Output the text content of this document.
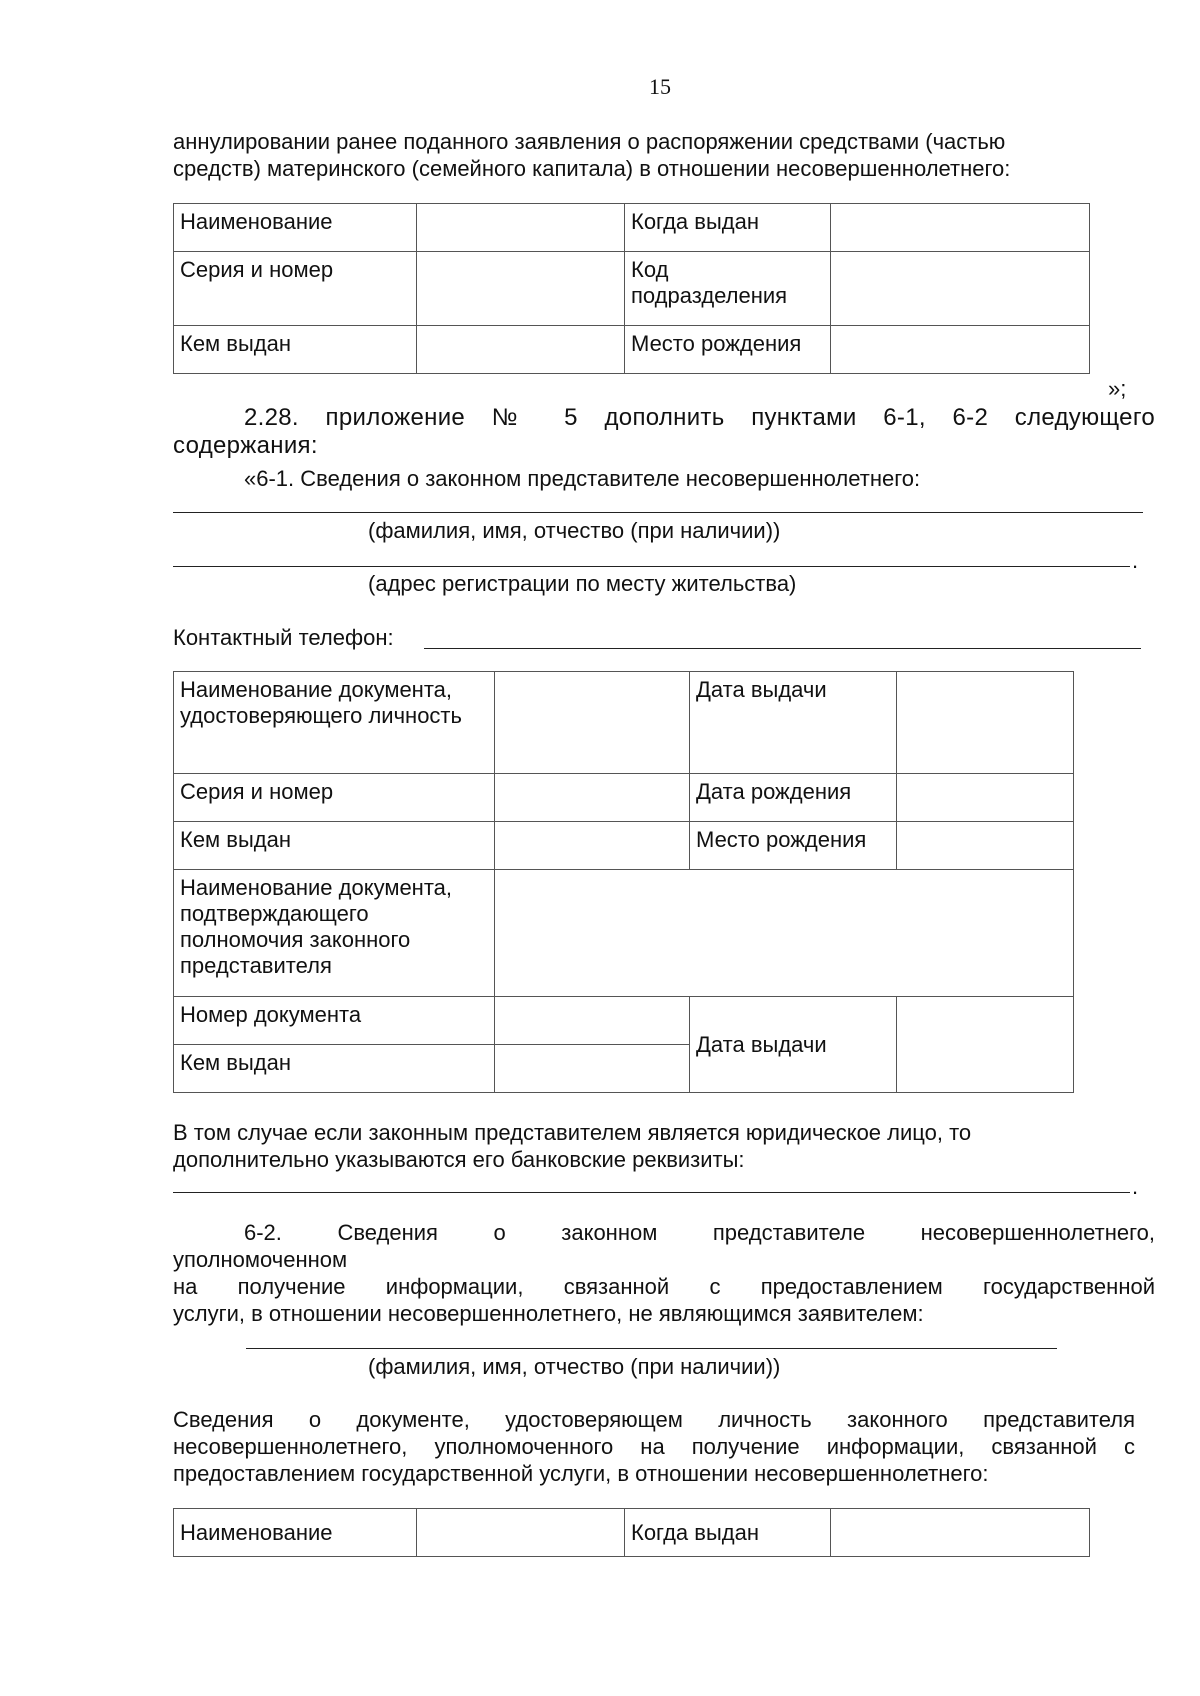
15
аннулировании ранее поданного заявления о распоряжении средствами (частью
средств) материнского (семейного капитала) в отношении несовершеннолетнего:
Наименование		Когда выдан	
Серия и номер		Код подразделения	

Кем выдан		Место рождения	
»;
2.28. приложение № 5 дополнить пунктами 6-1, 6-2 следующего
содержания:
«6-1. Сведения о законном представителе несовершеннолетнего:
(фамилия, имя, отчество (при наличии))
.
(адрес регистрации по месту жительства)
Контактный телефон:
Наименование документа, удостоверяющего личность		Дата выдачи	
Серия и номер		Дата рождения	
Кем выдан		Место рождения	
Наименование документа, подтверждающего полномочия законного представителя			
Номер документа		Дата выдачи	
Кем выдан			
В том случае если законным представителем является юридическое лицо, то
дополнительно указываются его банковские реквизиты:
.
6-2. Сведения о законном представителе несовершеннолетнего,
уполномоченном
на получение информации, связанной с предоставлением государственной
услуги, в отношении несовершеннолетнего, не являющимся заявителем:
(фамилия, имя, отчество (при наличии))
Сведения о документе, удостоверяющем личность законного представителя
несовершеннолетнего, уполномоченного на получение информации, связанной с
предоставлением государственной услуги, в отношении несовершеннолетнего:
Наименование		Когда выдан	
